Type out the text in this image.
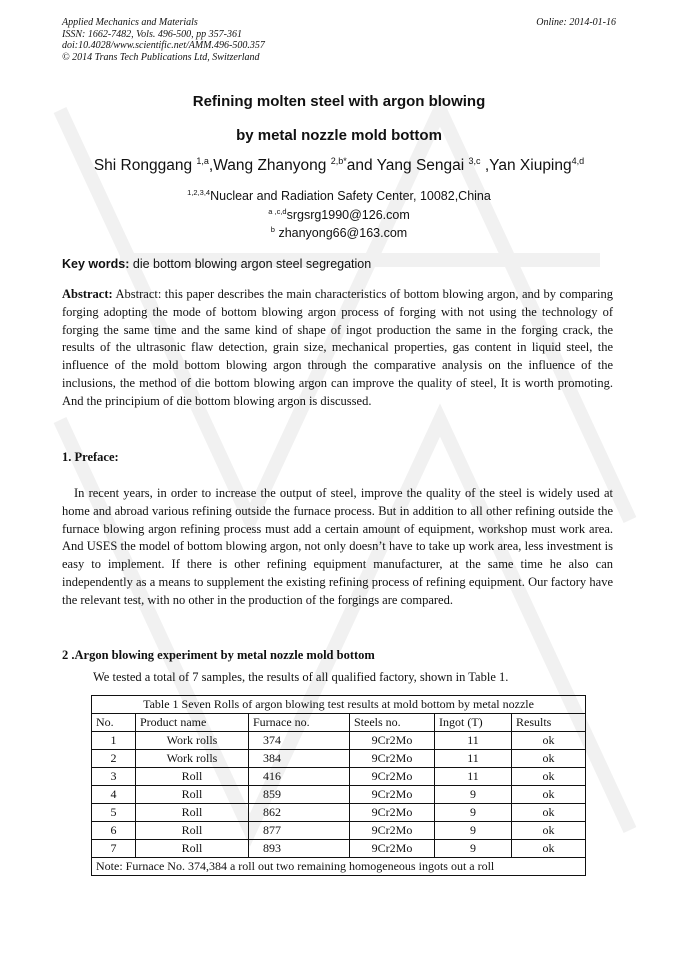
Applied Mechanics and Materials
ISSN: 1662-7482, Vols. 496-500, pp 357-361
doi:10.4028/www.scientific.net/AMM.496-500.357
© 2014 Trans Tech Publications Ltd, Switzerland
Online: 2014-01-16
Refining molten steel with argon blowing
by metal nozzle mold bottom
Shi Ronggang $^{1,a}$,Wang Zhanyong $^{2,b*}$and Yang Sengai $^{3,c}$ ,Yan Xiuping$^{4,d}$
$^{1,2,3,4}$Nuclear and Radiation Safety Center, 10082,China
$^{a ,c,d}$srgsrg1990@126.com
$^b$ zhanyong66@163.com
Key words: die bottom blowing argon steel segregation

Abstract: Abstract: this paper describes the main characteristics of bottom blowing argon, and by comparing forging adopting the mode of bottom blowing argon process of forging with not using the technology of forging the same time and the same kind of shape of ingot production the same in the forging crack, the results of the ultrasonic flaw detection, grain size, mechanical properties, gas content in liquid steel, the influence of the mold bottom blowing argon through the comparative analysis on the influence of the inclusions, the method of die bottom blowing argon can improve the quality of steel, It is worth promoting. And the principium of die bottom blowing argon is discussed.

1. Preface:

In recent years, in order to increase the output of steel, improve the quality of the steel is widely used at home and abroad various refining outside the furnace process. But in addition to all other refining outside the furnace blowing argon refining process must add a certain amount of equipment, workshop must work area. And USES the model of bottom blowing argon, not only doesn’t have to take up work area, less investment is easy to implement. If there is other refining equipment manufacturer, at the same time he also can independently as a means to supplement the existing refining process of refining equipment. Our factory have the relevant test, with no other in the production of the forgings are compared.

2 .Argon blowing experiment by metal nozzle mold bottom
We tested a total of 7 samples, the results of all qualified factory, shown in Table 1.
Table 1 Seven Rolls of argon blowing test results at mold bottom by metal nozzle					
No.	Product name	Furnace no.	Steels no.	Ingot (T)	Results
1	Work rolls	374	9Cr2Mo	11	ok
2	Work rolls	384	9Cr2Mo	11	ok
3	Roll	416	9Cr2Mo	11	ok
4	Roll	859	9Cr2Mo	9	ok
5	Roll	862	9Cr2Mo	9	ok
6	Roll	877	9Cr2Mo	9	ok
7	Roll	893	9Cr2Mo	9	ok
Note: Furnace No. 374,384 a roll out two remaining homogeneous ingots out a roll					
